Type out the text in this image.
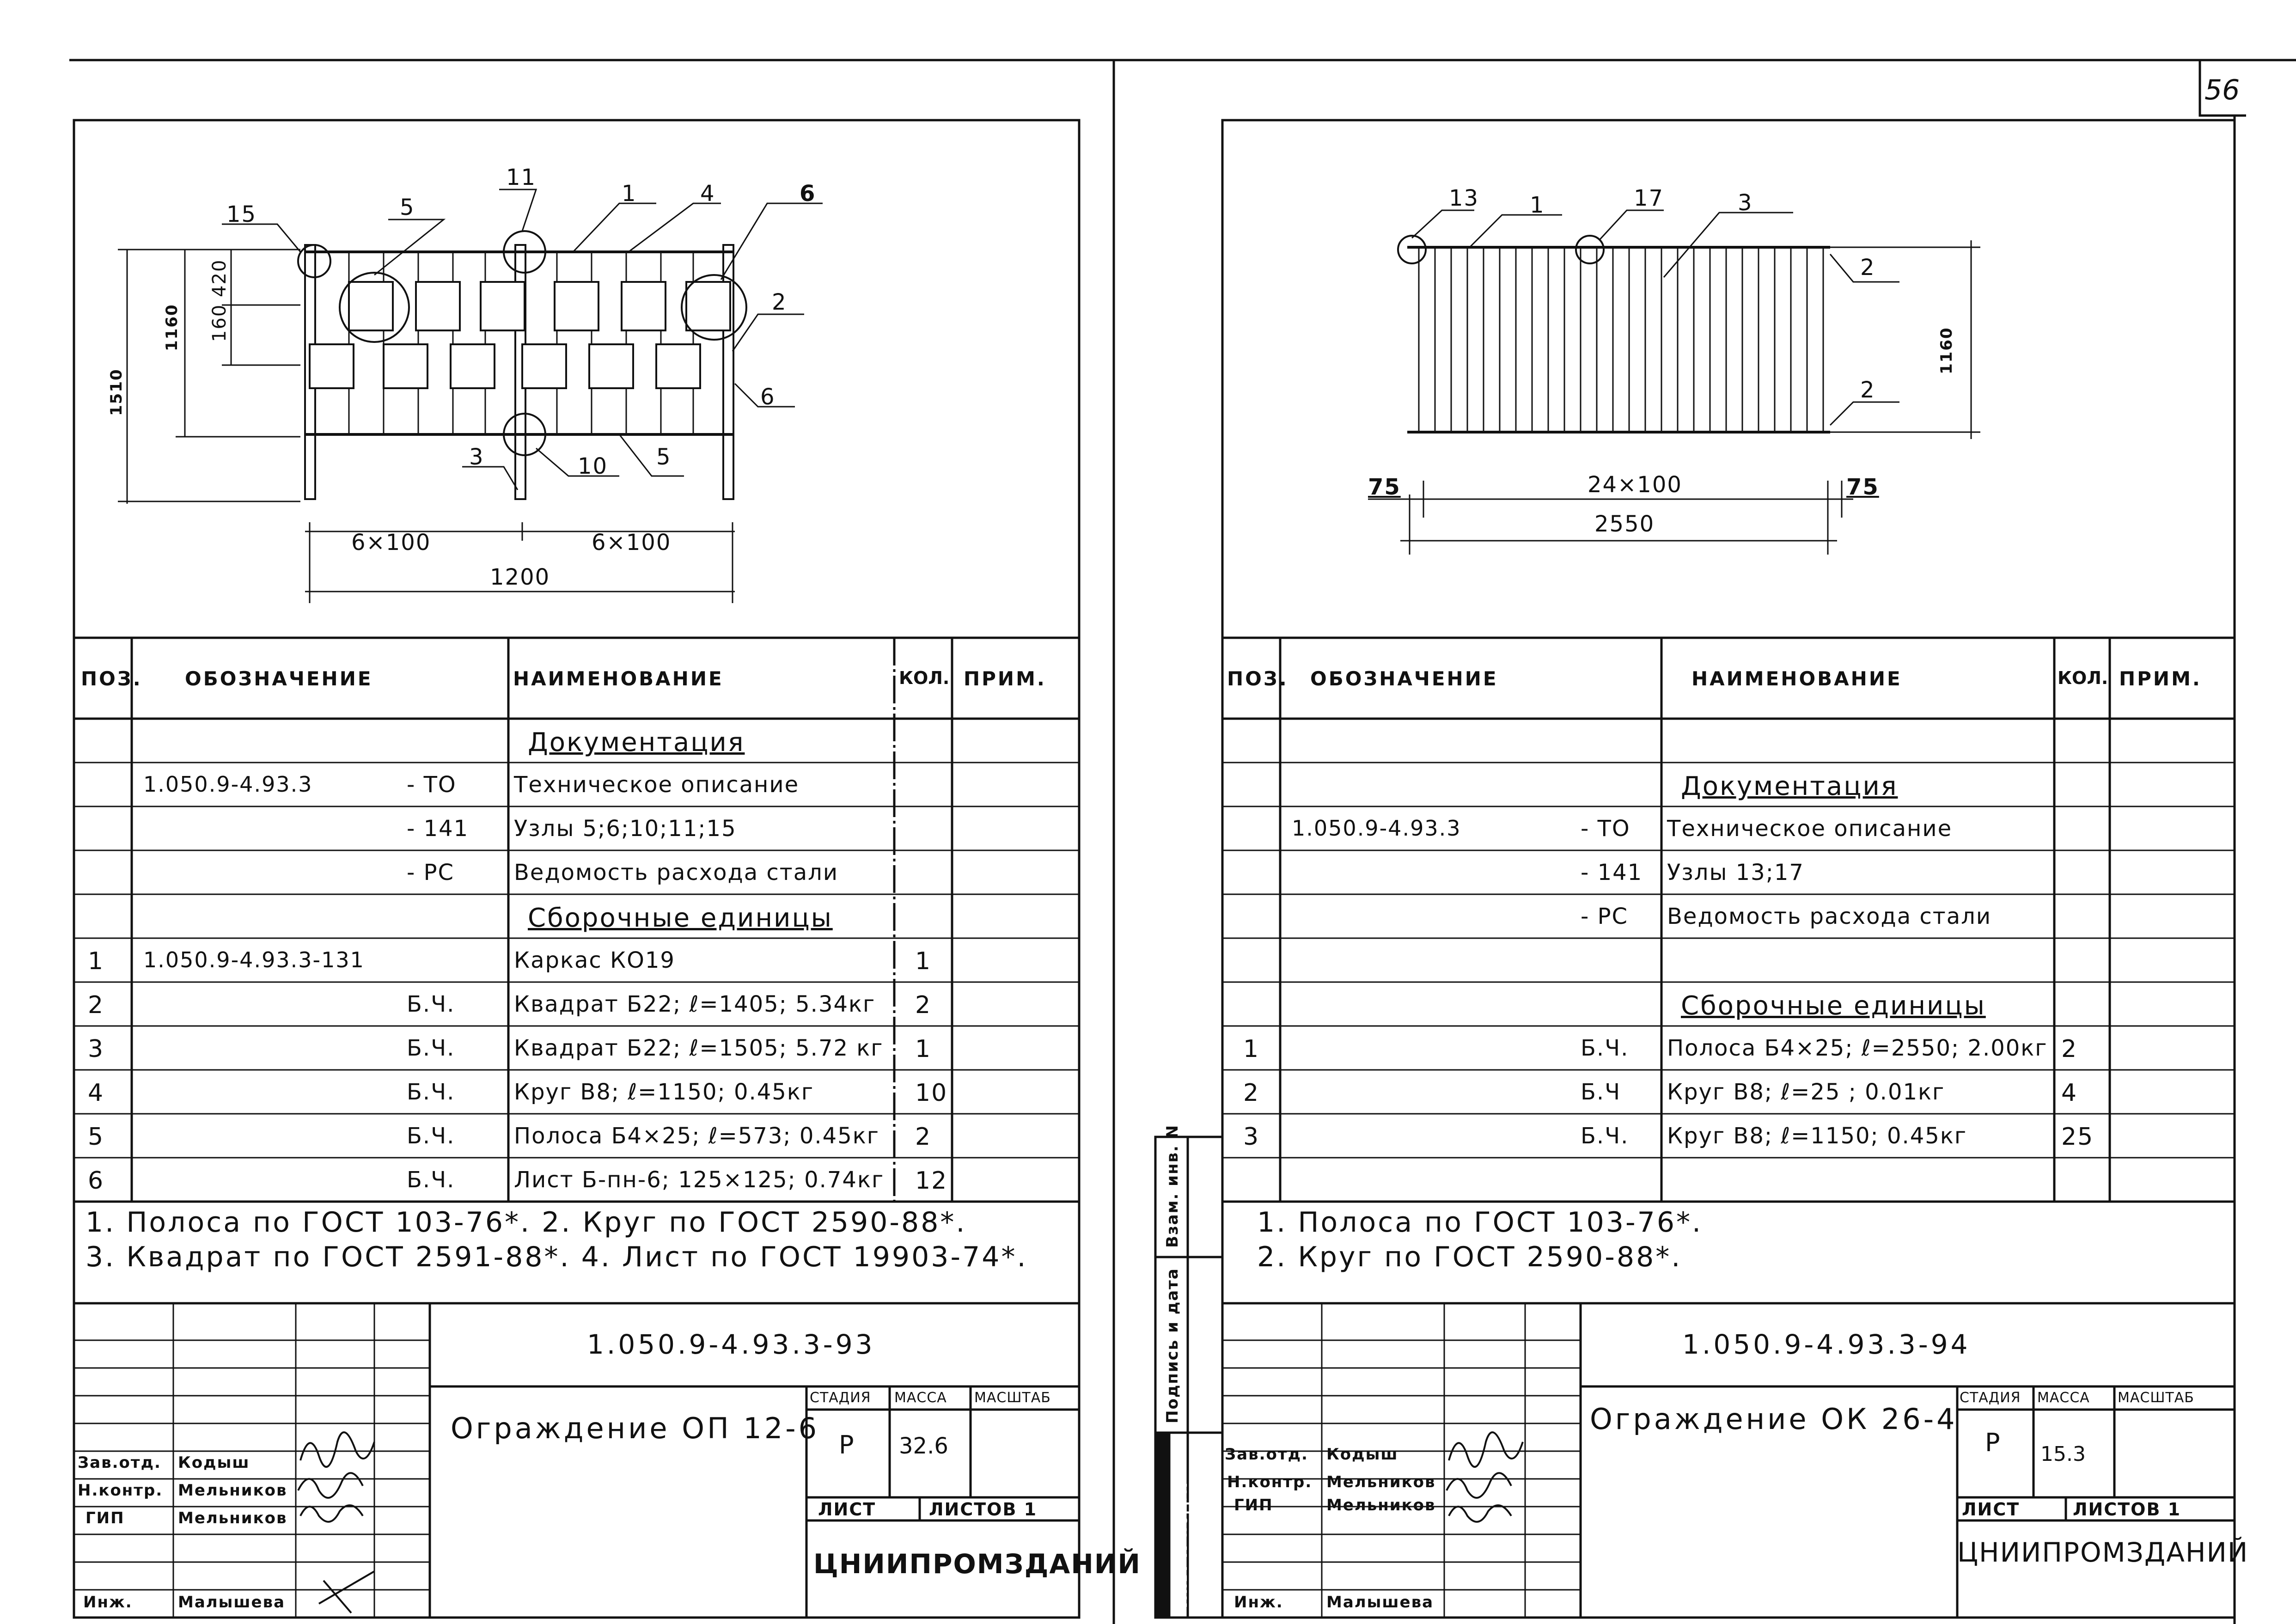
56
15	5
11
1	4	6
2
6
3	10 5
1510
1160 160 420
6×100	6×100
1200
ПОЗ. ОБОЗНАЧЕНИЕ	НАИМЕНОВАНИЕ	КОЛ. ПРИМ.
Документация
1.050.9-4.93.3	- ТО	Техническое описание
- 141 Узлы 5;6;10;11;15
- РС	Ведомость расхода стали
Сборочные единицы
1 1.050.9-4.93.3-131	Каркас КО19	1
2	Б.Ч.	Квадрат Б22; ℓ=1405; 5.34кг 2
3	Б.Ч.	Квадрат Б22; ℓ=1505; 5.72 кг 1
4	Б.Ч.	Круг В8; ℓ=1150; 0.45кг	10
5	Б.Ч.	Полоса Б4×25; ℓ=573; 0.45кг 2
6	Б.Ч.	Лист Б-пн-6; 125×125; 0.74кг 12
1. Полоса по ГОСТ 103-76*. 2. Круг по ГОСТ 2590-88*.
3. Квадрат по ГОСТ 2591-88*. 4. Лист по ГОСТ 19903-74*.
1.050.9-4.93.3-93
Ограждение ОП 12-6
СТАДИЯ МАССА МАСШТАБ
Р 32.6
ЛИСТ	ЛИСТОВ 1
ЦНИИПРОМЗДАНИЙ
Зав.отд. Кодыш
Н.контр. Мельников
ГИП	Мельников
Инж.	Малышева
13 1	17	3
2
2
1160
75	75
24×100
2550
ПОЗ. ОБОЗНАЧЕНИЕ	НАИМЕНОВАНИЕ	КОЛ. ПРИМ.
Документация
1.050.9-4.93.3	- ТО Техническое описание
- 141 Узлы 13;17
- РС Ведомость расхода стали
Сборочные единицы
1	Б.Ч. Полоса Б4×25; ℓ=2550; 2.00кг 2
2	Б.Ч Круг В8; ℓ=25 ; 0.01кг	4
3	Б.Ч. Круг В8; ℓ=1150; 0.45кг	25
1. Полоса по ГОСТ 103-76*.
2. Круг по ГОСТ 2590-88*.
Взам. инв. N
Подпись и дата
Инв. N подл.
1.050.9-4.93.3-94
Ограждение ОК 26-4
СТАДИЯ МАССА МАСШТАБ
Р 15.3
ЛИСТ	ЛИСТОВ 1
ЦНИИПРОМЗДАНИЙ
Зав.отд. Кодыш
Н.контр. Мельников
ГИП	Мельников
Инж.	Малышева
